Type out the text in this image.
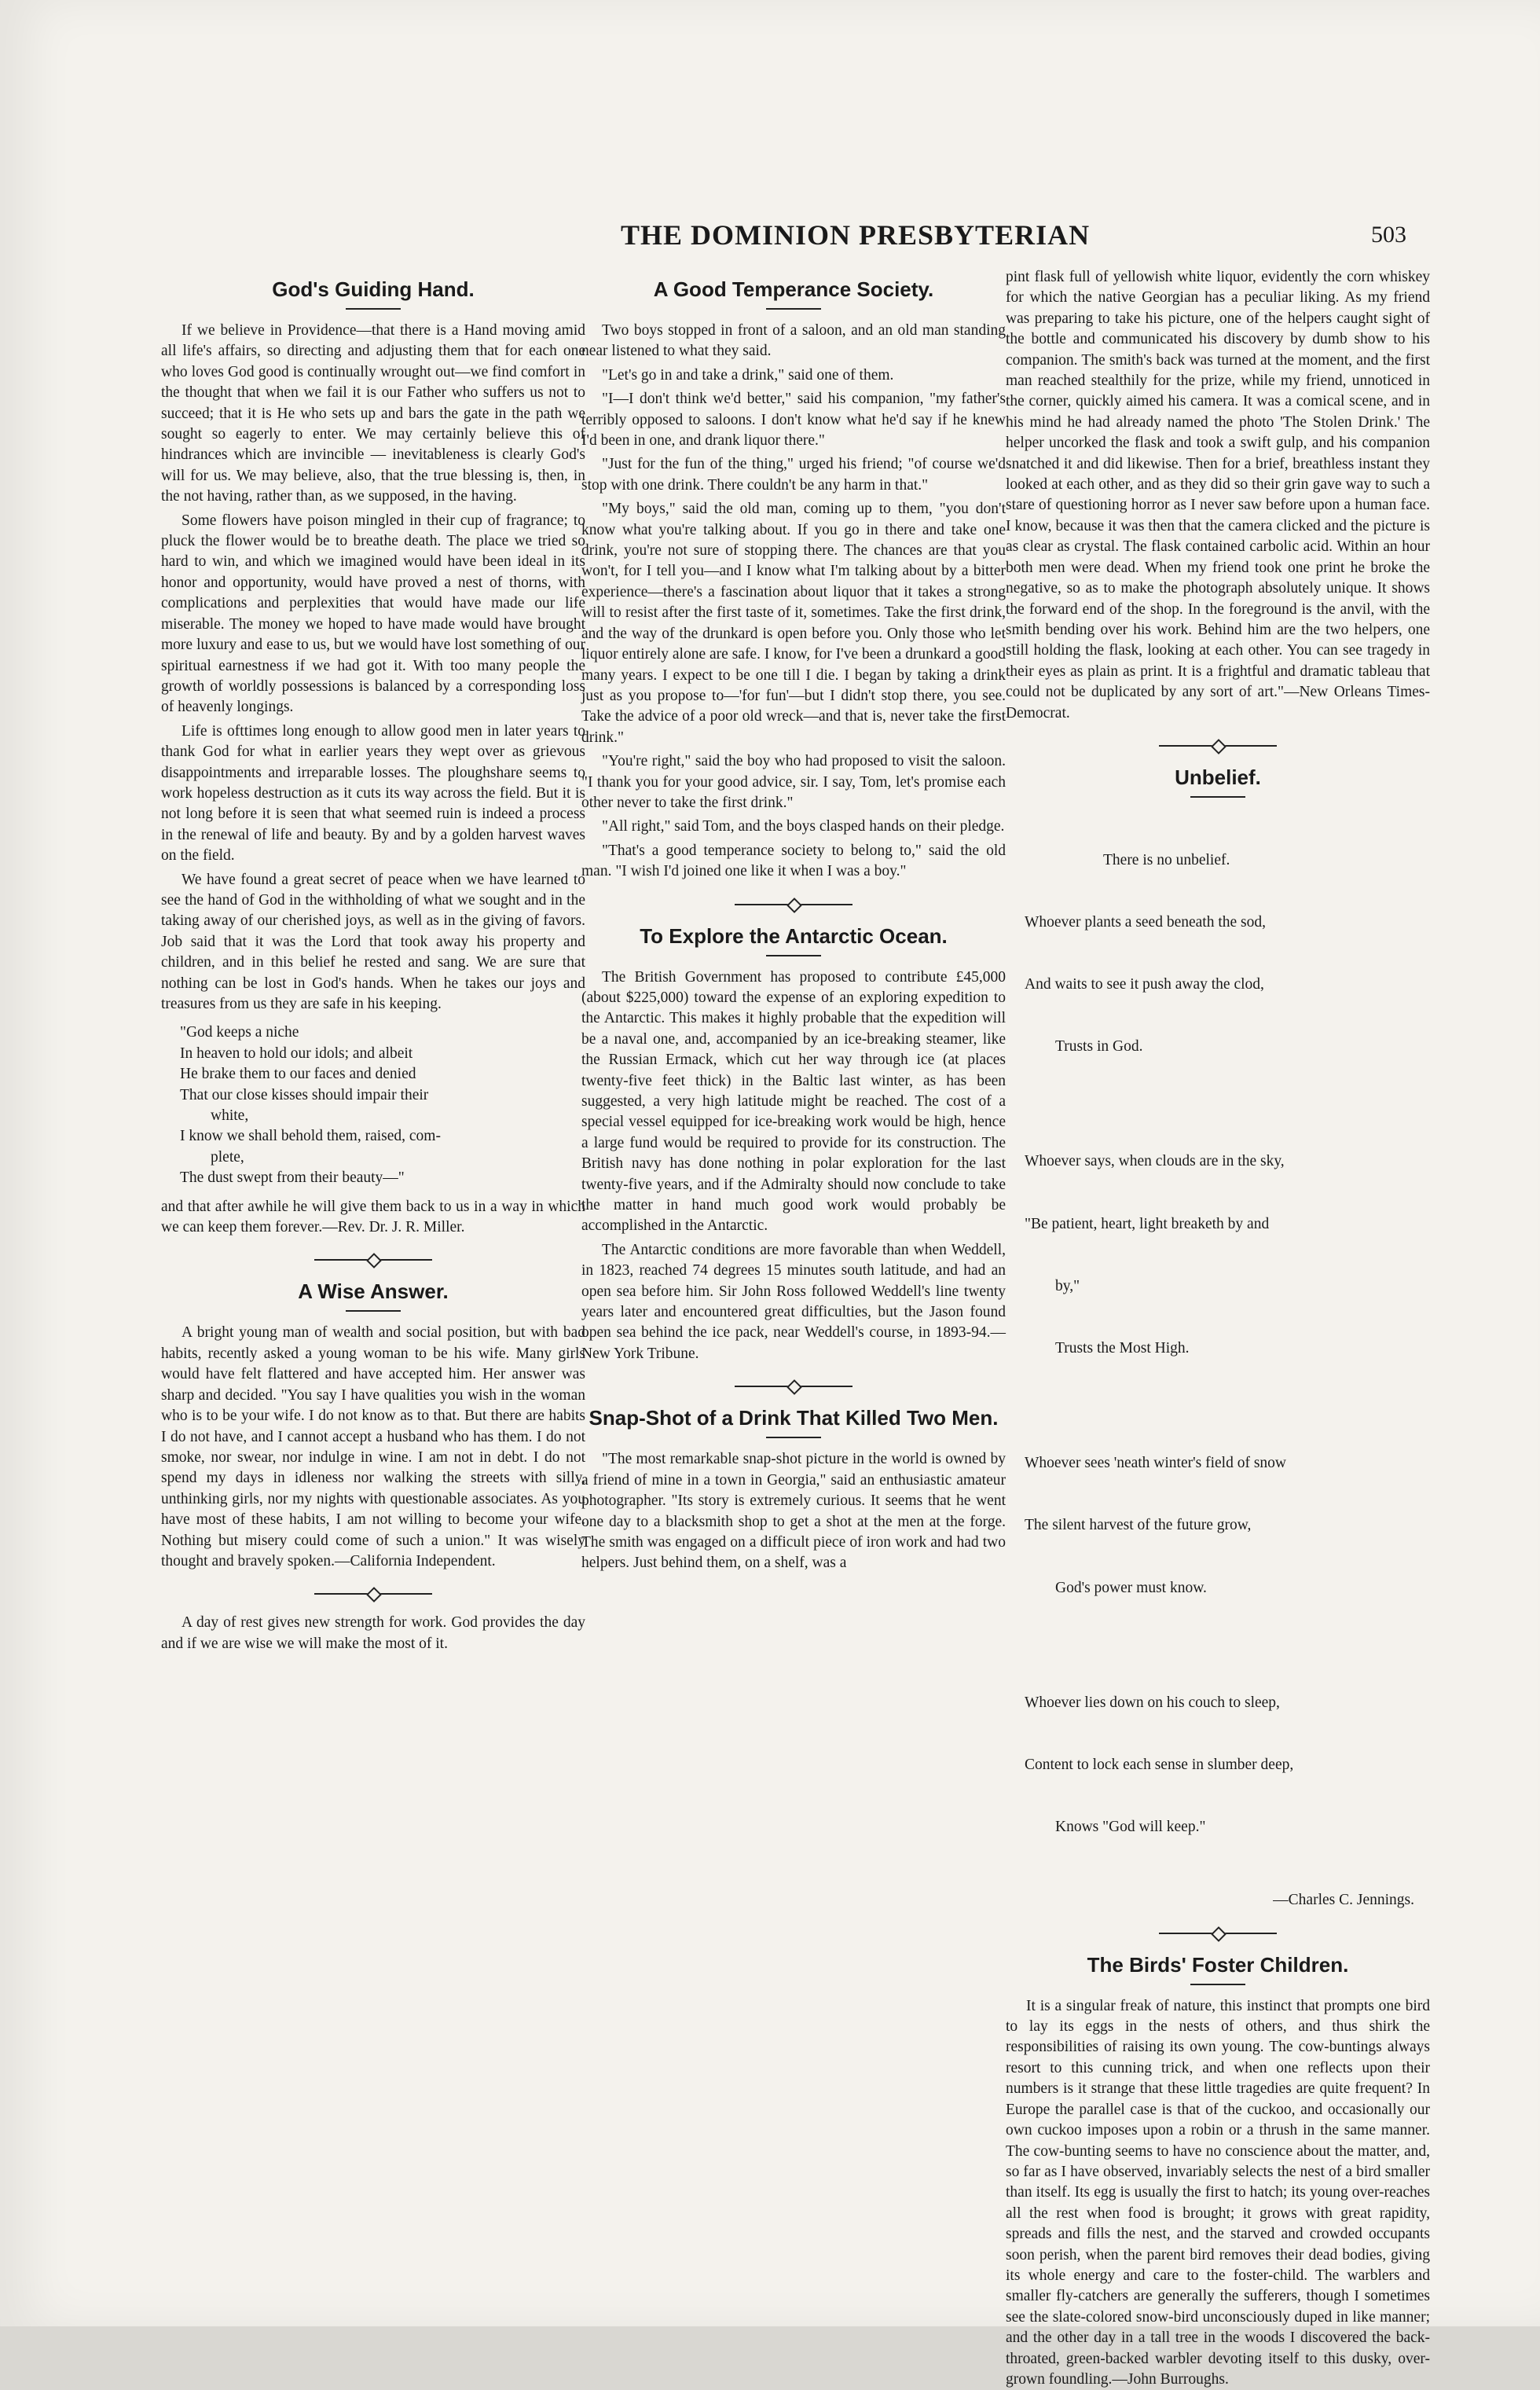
THE DOMINION PRESBYTERIAN	503
God's Guiding Hand.

If we believe in Providence—that there is a Hand moving amid all life's affairs, so directing and adjusting them that for each one who loves God good is continually wrought out—we find comfort in the thought that when we fail it is our Father who suffers us not to succeed; that it is He who sets up and bars the gate in the path we sought so eagerly to enter. We may certainly believe this of hindrances which are invincible — inevitableness is clearly God's will for us. We may believe, also, that the true blessing is, then, in the not having, rather than, as we supposed, in the having.

Some flowers have poison mingled in their cup of fragrance; to pluck the flower would be to breathe death. The place we tried so hard to win, and which we imagined would have been ideal in its honor and opportunity, would have proved a nest of thorns, with complications and perplexities that would have made our life miserable. The money we hoped to have made would have brought more luxury and ease to us, but we would have lost something of our spiritual earnestness if we had got it. With too many people the growth of worldly possessions is balanced by a corresponding loss of heavenly longings.

Life is ofttimes long enough to allow good men in later years to thank God for what in earlier years they wept over as grievous disappointments and irreparable losses. The ploughshare seems to work hopeless destruction as it cuts its way across the field. But it is not long before it is seen that what seemed ruin is indeed a process in the renewal of life and beauty. By and by a golden harvest waves on the field.

We have found a great secret of peace when we have learned to see the hand of God in the withholding of what we sought and in the taking away of our cherished joys, as well as in the giving of favors. Job said that it was the Lord that took away his property and children, and in this belief he rested and sang. We are sure that nothing can be lost in God's hands. When he takes our joys and treasures from us they are safe in his keeping.

"God keeps a niche
In heaven to hold our idols; and albeit
He brake them to our faces and denied
That our close kisses should impair their
white,
I know we shall behold them, raised, com-
plete,
The dust swept from their beauty—"

and that after awhile he will give them back to us in a way in which we can keep them forever.—Rev. Dr. J. R. Miller.

A Wise Answer.

A bright young man of wealth and social position, but with bad habits, recently asked a young woman to be his wife. Many girls would have felt flattered and have accepted him. Her answer was sharp and decided. "You say I have qualities you wish in the woman who is to be your wife. I do not know as to that. But there are habits I do not have, and I cannot accept a husband who has them. I do not smoke, nor swear, nor indulge in wine. I am not in debt. I do not spend my days in idleness nor walking the streets with silly, unthinking girls, nor my nights with questionable associates. As you have most of these habits, I am not willing to become your wife. Nothing but misery could come of such a union." It was wisely thought and bravely spoken.—California Independent.

A day of rest gives new strength for work. God provides the day and if we are wise we will make the most of it.

A Good Temperance Society.

Two boys stopped in front of a saloon, and an old man standing near listened to what they said.

"Let's go in and take a drink," said one of them.

"I—I don't think we'd better," said his companion, "my father's terribly opposed to saloons. I don't know what he'd say if he knew I'd been in one, and drank liquor there."

"Just for the fun of the thing," urged his friend; "of course we'd stop with one drink. There couldn't be any harm in that."

"My boys," said the old man, coming up to them, "you don't know what you're talking about. If you go in there and take one drink, you're not sure of stopping there. The chances are that you won't, for I tell you—and I know what I'm talking about by a bitter experience—there's a fascination about liquor that it takes a strong will to resist after the first taste of it, sometimes. Take the first drink, and the way of the drunkard is open before you. Only those who let liquor entirely alone are safe. I know, for I've been a drunkard a good many years. I expect to be one till I die. I began by taking a drink just as you propose to—'for fun'—but I didn't stop there, you see. Take the advice of a poor old wreck—and that is, never take the first drink."

"You're right," said the boy who had proposed to visit the saloon. "I thank you for your good advice, sir. I say, Tom, let's promise each other never to take the first drink."

"All right," said Tom, and the boys clasped hands on their pledge.

"That's a good temperance society to belong to," said the old man. "I wish I'd joined one like it when I was a boy."

To Explore the Antarctic Ocean.

The British Government has proposed to contribute £45,000 (about $225,000) toward the expense of an exploring expedition to the Antarctic. This makes it highly probable that the expedition will be a naval one, and, accompanied by an ice-breaking steamer, like the Russian Ermack, which cut her way through ice (at places twenty-five feet thick) in the Baltic last winter, as has been suggested, a very high latitude might be reached. The cost of a special vessel equipped for ice-breaking work would be high, hence a large fund would be required to provide for its construction. The British navy has done nothing in polar exploration for the last twenty-five years, and if the Admiralty should now conclude to take the matter in hand much good work would probably be accomplished in the Antarctic.

The Antarctic conditions are more favorable than when Weddell, in 1823, reached 74 degrees 15 minutes south latitude, and had an open sea before him. Sir John Ross followed Weddell's line twenty years later and encountered great difficulties, but the Jason found open sea behind the ice pack, near Weddell's course, in 1893-94.—New York Tribune.

Snap-Shot of a Drink That Killed Two Men.

"The most remarkable snap-shot picture in the world is owned by a friend of mine in a town in Georgia," said an enthusiastic amateur photographer. "Its story is extremely curious. It seems that he went one day to a blacksmith shop to get a shot at the men at the forge. The smith was engaged on a difficult piece of iron work and had two helpers. Just behind them, on a shelf, was a

pint flask full of yellowish white liquor, evidently the corn whiskey for which the native Georgian has a peculiar liking. As my friend was preparing to take his picture, one of the helpers caught sight of the bottle and communicated his discovery by dumb show to his companion. The smith's back was turned at the moment, and the first man reached stealthily for the prize, while my friend, unnoticed in the corner, quickly aimed his camera. It was a comical scene, and in his mind he had already named the photo 'The Stolen Drink.' The helper uncorked the flask and took a swift gulp, and his companion snatched it and did likewise. Then for a brief, breathless instant they looked at each other, and as they did so their grin gave way to such a stare of questioning horror as I never saw before upon a human face. I know, because it was then that the camera clicked and the picture is as clear as crystal. The flask contained carbolic acid. Within an hour both men were dead. When my friend took one print he broke the negative, so as to make the photograph absolutely unique. It shows the forward end of the shop. In the foreground is the anvil, with the smith bending over his work. Behind him are the two helpers, one still holding the flask, looking at each other. You can see tragedy in their eyes as plain as print. It is a frightful and dramatic tableau that could not be duplicated by any sort of art."—New Orleans Times-Democrat.

Unbelief.

There is no unbelief.

Whoever plants a seed beneath the sod,

And waits to see it push away the clod,

Trusts in God.

Whoever says, when clouds are in the sky,

"Be patient, heart, light breaketh by and

by,"

Trusts the Most High.

Whoever sees 'neath winter's field of snow

The silent harvest of the future grow,

God's power must know.

Whoever lies down on his couch to sleep,

Content to lock each sense in slumber deep,

Knows "God will keep."

—Charles C. Jennings.
The Birds' Foster Children.

It is a singular freak of nature, this instinct that prompts one bird to lay its eggs in the nests of others, and thus shirk the responsibilities of raising its own young. The cow-buntings always resort to this cunning trick, and when one reflects upon their numbers is it strange that these little tragedies are quite frequent? In Europe the parallel case is that of the cuckoo, and occasionally our own cuckoo imposes upon a robin or a thrush in the same manner. The cow-bunting seems to have no conscience about the matter, and, so far as I have observed, invariably selects the nest of a bird smaller than itself. Its egg is usually the first to hatch; its young over-reaches all the rest when food is brought; it grows with great rapidity, spreads and fills the nest, and the starved and crowded occupants soon perish, when the parent bird removes their dead bodies, giving its whole energy and care to the foster-child. The warblers and smaller fly-catchers are generally the sufferers, though I sometimes see the slate-colored snow-bird unconsciously duped in like manner; and the other day in a tall tree in the woods I discovered the back-throated, green-backed warbler devoting itself to this dusky, over-grown foundling.—John Burroughs.
